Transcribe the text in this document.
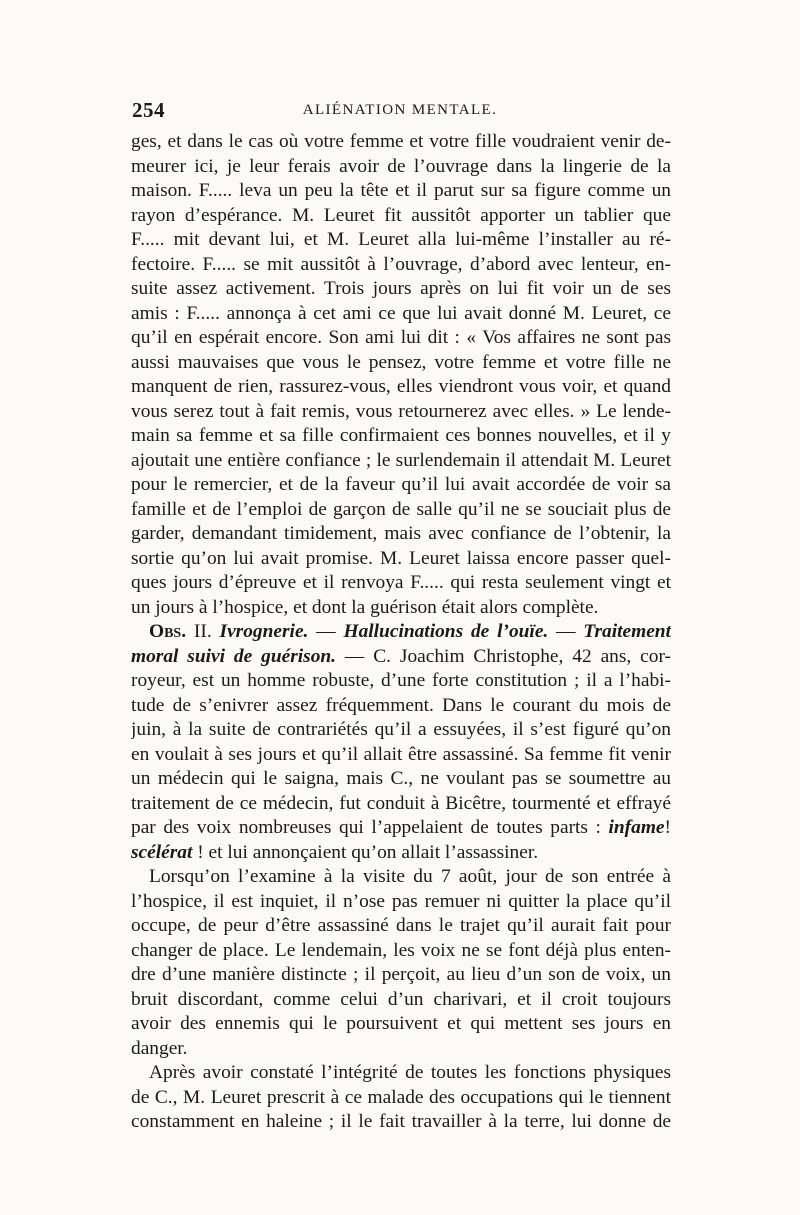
254	ALIÉNATION MENTALE.
ges, et dans le cas où votre femme et votre fille voudraient venir de-
meurer ici, je leur ferais avoir de l’ouvrage dans la lingerie de la
maison. F..... leva un peu la tête et il parut sur sa figure comme un
rayon d’espérance. M. Leuret fit aussitôt apporter un tablier que
F..... mit devant lui, et M. Leuret alla lui-même l’installer au ré-
fectoire. F..... se mit aussitôt à l’ouvrage, d’abord avec lenteur, en-
suite assez activement. Trois jours après on lui fit voir un de ses
amis : F..... annonça à cet ami ce que lui avait donné M. Leuret, ce
qu’il en espérait encore. Son ami lui dit : « Vos affaires ne sont pas
aussi mauvaises que vous le pensez, votre femme et votre fille ne
manquent de rien, rassurez-vous, elles viendront vous voir, et quand
vous serez tout à fait remis, vous retournerez avec elles. » Le lende-
main sa femme et sa fille confirmaient ces bonnes nouvelles, et il y
ajoutait une entière confiance ; le surlendemain il attendait M. Leuret
pour le remercier, et de la faveur qu’il lui avait accordée de voir sa
famille et de l’emploi de garçon de salle qu’il ne se souciait plus de
garder, demandant timidement, mais avec confiance de l’obtenir, la
sortie qu’on lui avait promise. M. Leuret laissa encore passer quel-
ques jours d’épreuve et il renvoya F..... qui resta seulement vingt et
un jours à l’hospice, et dont la guérison était alors complète.
Obs. II. Ivrognerie. — Hallucinations de l’ouïe. — Traitement
moral suivi de guérison. — C. Joachim Christophe, 42 ans, cor-
royeur, est un homme robuste, d’une forte constitution ; il a l’habi-
tude de s’enivrer assez fréquemment. Dans le courant du mois de
juin, à la suite de contrariétés qu’il a essuyées, il s’est figuré qu’on
en voulait à ses jours et qu’il allait être assassiné. Sa femme fit venir
un médecin qui le saigna, mais C., ne voulant pas se soumettre au
traitement de ce médecin, fut conduit à Bicêtre, tourmenté et effrayé
par des voix nombreuses qui l’appelaient de toutes parts : infame!
scélérat ! et lui annonçaient qu’on allait l’assassiner.
Lorsqu’on l’examine à la visite du 7 août, jour de son entrée à
l’hospice, il est inquiet, il n’ose pas remuer ni quitter la place qu’il
occupe, de peur d’être assassiné dans le trajet qu’il aurait fait pour
changer de place. Le lendemain, les voix ne se font déjà plus enten-
dre d’une manière distincte ; il perçoit, au lieu d’un son de voix, un
bruit discordant, comme celui d’un charivari, et il croit toujours
avoir des ennemis qui le poursuivent et qui mettent ses jours en
danger.
Après avoir constaté l’intégrité de toutes les fonctions physiques
de C., M. Leuret prescrit à ce malade des occupations qui le tiennent
constamment en haleine ; il le fait travailler à la terre, lui donne de
